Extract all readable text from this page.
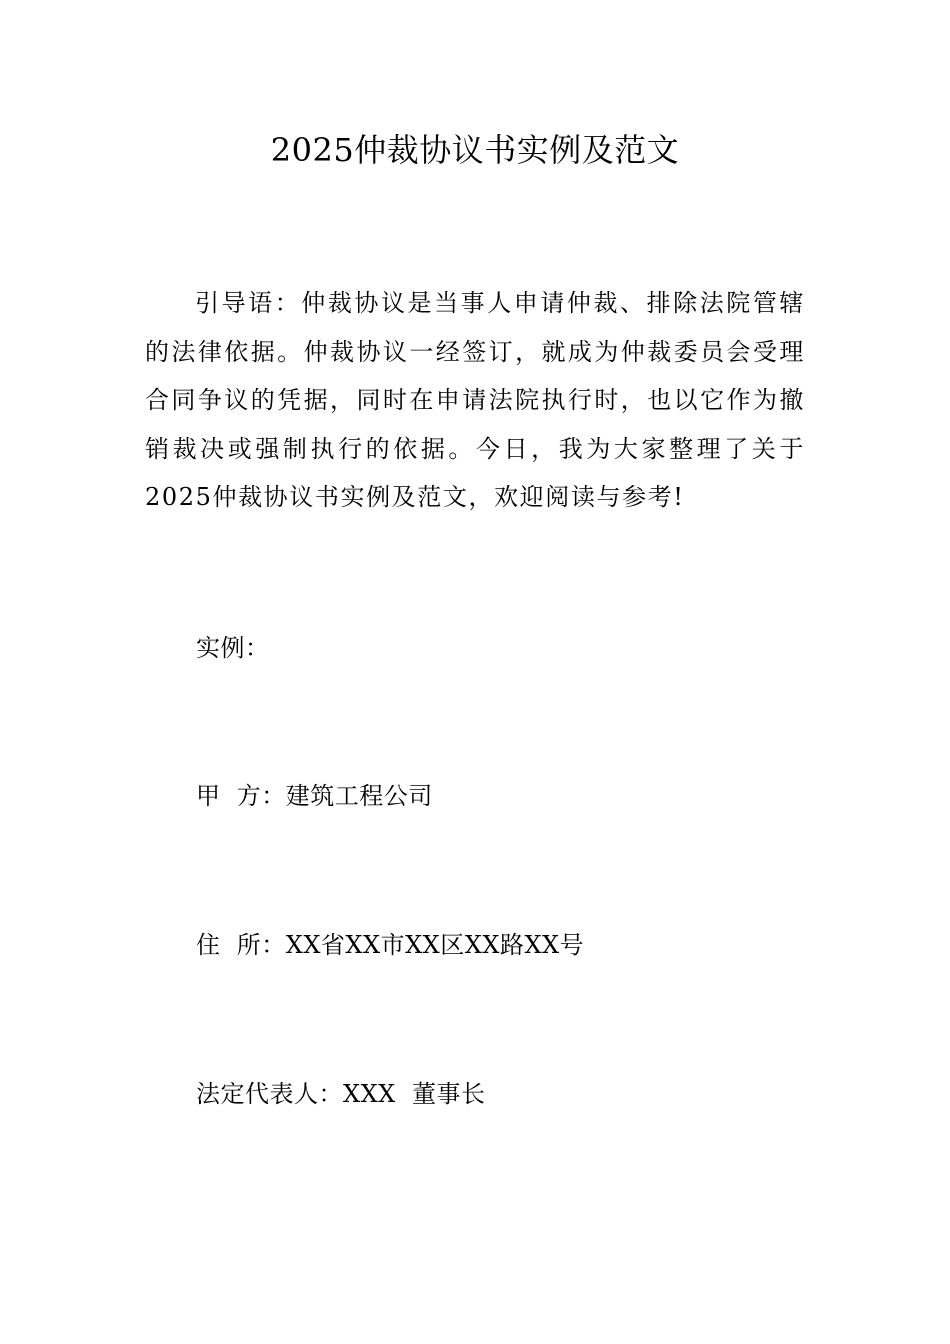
2025仲裁协议书实例及范文
引导语：仲裁协议是当事人申请仲裁、排除法院管辖的法律依据。仲裁协议一经签订，就成为仲裁委员会受理合同争议的凭据，同时在申请法院执行时，也以它作为撤销裁决或强制执行的依据。今日，我为大家整理了关于2025仲裁协议书实例及范文，欢迎阅读与参考!
实例：
甲  方：建筑工程公司
住  所：XX省XX市XX区XX路XX号
法定代表人：XXX  董事长
